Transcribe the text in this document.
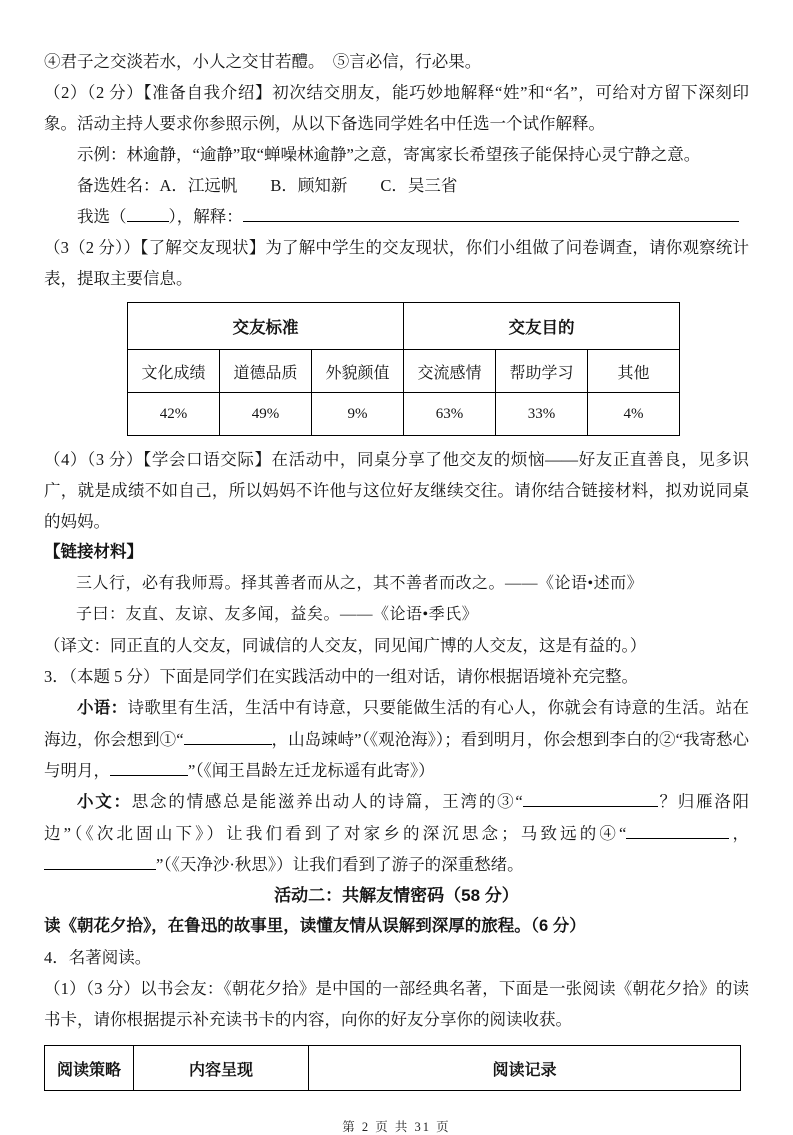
④君子之交淡若水，小人之交甘若醴。　⑤言必信，行必果。

（2）（2 分）【准备自我介绍】初次结交朋友，能巧妙地解释“姓”和“名”，可给对方留下深刻印象。活动主持人要求你参照示例，从以下备选同学姓名中任选一个试作解释。

示例：林逾静，“逾静”取“蝉噪林逾静”之意，寄寓家长希望孩子能保持心灵宁静之意。

备选姓名：A．江远帆　　B．顾知新　　C．吴三省

我选（	），解释：

（3（2 分））【了解交友现状】为了解中学生的交友现状，你们小组做了问卷调查，请你观察统计表，提取主要信息。

交友标准			交友目的		
文化成绩	道德品质	外貌颜值	交流感情	帮助学习	其他
42%	49%	9%	63%	33%	4%

（4）（3 分）【学会口语交际】在活动中，同桌分享了他交友的烦恼——好友正直善良，见多识广，就是成绩不如自己，所以妈妈不许他与这位好友继续交往。请你结合链接材料，拟劝说同桌的妈妈。

【链接材料】

三人行，必有我师焉。择其善者而从之，其不善者而改之。——《论语•述而》

子曰：友直、友谅、友多闻，益矣。——《论语•季氏》

（译文：同正直的人交友，同诚信的人交友，同见闻广博的人交友，这是有益的。）

3．（本题 5 分）下面是同学们在实践活动中的一组对话，请你根据语境补充完整。

小语：诗歌里有生活，生活中有诗意，只要能做生活的有心人，你就会有诗意的生活。站在海边，你会想到①“	，山岛竦峙”（《观沧海》）；看到明月，你会想到李白的②“我寄愁心与明月，	”（《闻王昌龄左迁龙标遥有此寄》）

小文：思念的情感总是能滋养出动人的诗篇，王湾的③“	？归雁洛阳边”（《次北固山下》）让我们看到了对家乡的深沉思念；马致远的④“	，”（《天净沙·秋思》）让我们看到了游子的深重愁绪。

活动二：共解友情密码（58 分）

读《朝花夕拾》，在鲁迅的故事里，读懂友情从误解到深厚的旅程。（6 分）

4．名著阅读。

（1）（3 分）以书会友：《朝花夕拾》是中国的一部经典名著，下面是一张阅读《朝花夕拾》的读书卡，请你根据提示补充读书卡的内容，向你的好友分享你的阅读收获。

阅读策略	内容呈现	阅读记录
第 2 页 共 31 页
